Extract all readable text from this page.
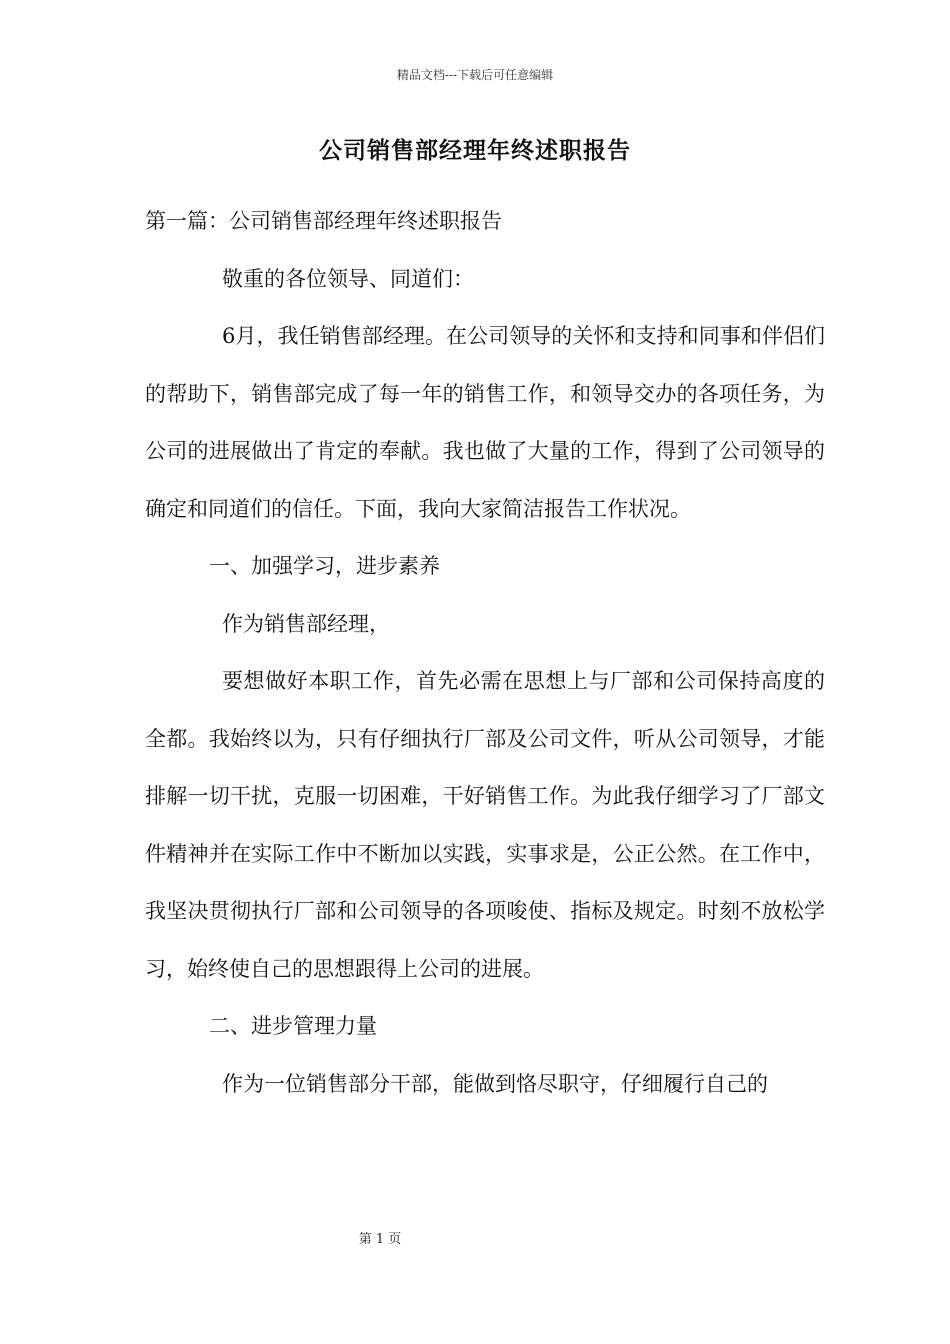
精品文档---下载后可任意编辑
公司销售部经理年终述职报告

第一篇：公司销售部经理年终述职报告

敬重的各位领导、同道们：

6月，我任销售部经理。在公司领导的关怀和支持和同事和伴侣们的帮助下，销售部完成了每一年的销售工作，和领导交办的各项任务，为公司的进展做出了肯定的奉献。我也做了大量的工作，得到了公司领导的确定和同道们的信任。下面，我向大家简洁报告工作状况。

一、加强学习，进步素养

作为销售部经理，

要想做好本职工作，首先必需在思想上与厂部和公司保持高度的全都。我始终以为，只有仔细执行厂部及公司文件，听从公司领导，才能排解一切干扰，克服一切困难，干好销售工作。为此我仔细学习了厂部文件精神并在实际工作中不断加以实践，实事求是，公正公然。在工作中，我坚决贯彻执行厂部和公司领导的各项唆使、指标及规定。时刻不放松学习，始终使自己的思想跟得上公司的进展。

二、进步管理力量

作为一位销售部分干部，能做到恪尽职守，仔细履行自己的

第 1 页
